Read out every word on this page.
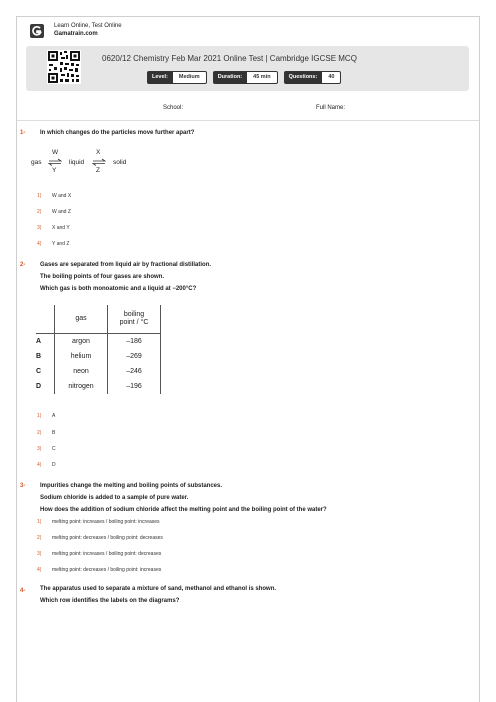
Learn Online, Test Online
Gamatrain.com
0620/12 Chemistry Feb Mar 2021 Online Test | Cambridge IGCSE MCQ
Level:	Medium	Duration:	45 min	Questions:	40
School:	Full Name:
1- In which changes do the particles move further apart?
gas
W
Y
⇌ liquid
X
Z
⇌ solid
1) W and X
2) W and Z
3) X and Y
4) Y and Z
2- Gases are separated from liquid air by fractional distillation.
The boiling points of four gases are shown.
Which gas is both monoatomic and a liquid at −200°C?
	gas	boiling
point / °C
A	argon	–186
B	helium	–269
C	neon	–246
D	nitrogen	–196
1) A
2) B
3) C
4) D
3- Impurities change the melting and boiling points of substances.
Sodium chloride is added to a sample of pure water.
How does the addition of sodium chloride affect the melting point and the boiling point of the water?
1) melting point: increases / boiling point: increases
2) melting point: decreases / boiling point: decreases
3) melting point: increases / boiling point: decreases
4) melting point: decreases / boiling point: increases
4- The apparatus used to separate a mixture of sand, methanol and ethanol is shown.
Which row identifies the labels on the diagrams?
